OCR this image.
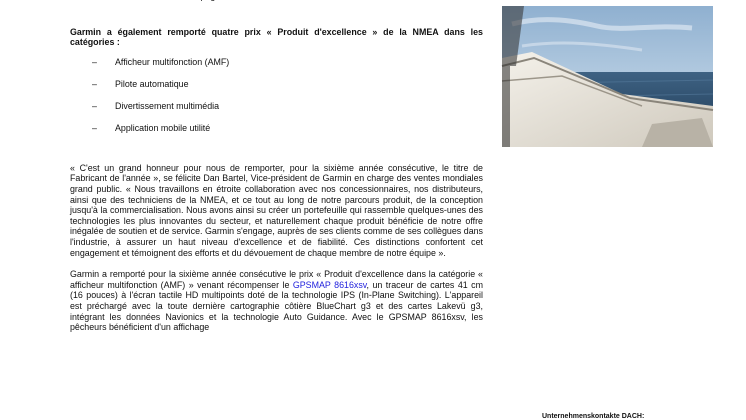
Garmin a également remporté quatre prix « Produit d'excellence » de la NMEA dans les catégories :

– Afficheur multifonction (AMF)
– Pilote automatique
– Divertissement multimédia
– Application mobile utilité

« C'est un grand honneur pour nous de remporter, pour la sixième année consécutive, le titre de Fabricant de l'année », se félicite Dan Bartel, Vice-président de Garmin en charge des ventes mondiales grand public. « Nous travaillons en étroite collaboration avec nos concessionnaires, nos distributeurs, ainsi que des techniciens de la NMEA, et ce tout au long de notre parcours produit, de la conception jusqu'à la commercialisation. Nous avons ainsi su créer un portefeuille qui rassemble quelques-unes des technologies les plus innovantes du secteur, et naturellement chaque produit bénéficie de notre offre inégalée de soutien et de service. Garmin s'engage, auprès de ses clients comme de ses collègues dans l'industrie, à assurer un haut niveau d'excellence et de fiabilité. Ces distinctions confortent cet engagement et témoignent des efforts et du dévouement de chaque membre de notre équipe ».

Garmin a remporté pour la sixième année consécutive le prix « Produit d'excellence dans la catégorie « afficheur multifonction (AMF) » venant récompenser le GPSMAP 8616xsv, un traceur de cartes 41 cm (16 pouces) à l'écran tactile HD multipoints doté de la technologie IPS (In-Plane Switching). L'appareil est préchargé avec la toute dernière cartographie côtière BlueChart g3 et des cartes Lakevü g3, intégrant les données Navionics et la technologie Auto Guidance. Avec le GPSMAP 8616xsv, les pêcheurs bénéficient d'un affichage

Unternehmenskontakte DACH:
